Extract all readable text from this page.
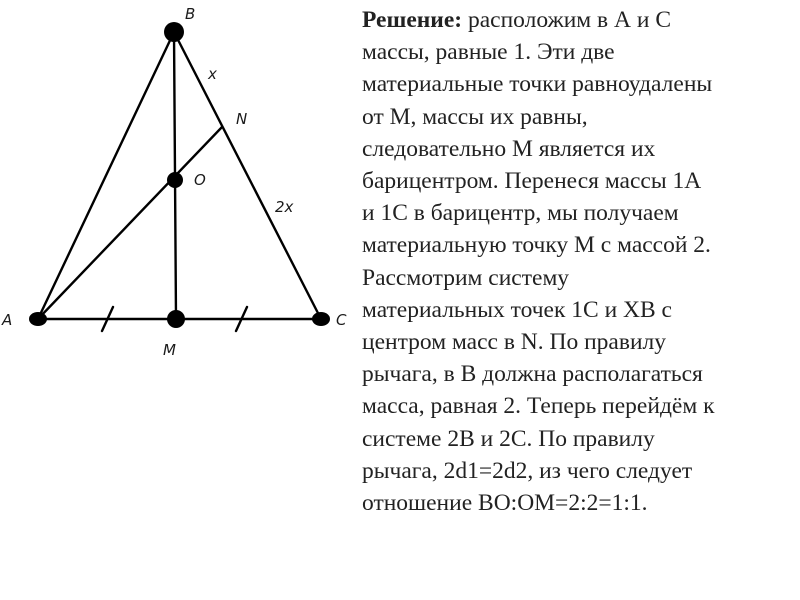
B
N
O
A
M
C
x
2x
Решение: расположим в А и С
массы, равные 1. Эти две
материальные точки равноудалены
от М, массы их равны,
следовательно М является их
барицентром. Перенеся массы 1А
и 1С в барицентр, мы получаем
материальную точку М с массой 2.
Рассмотрим систему
материальных точек 1С и ХВ с
центром масс в N. По правилу
рычага, в В должна располагаться
масса, равная 2. Теперь перейдём к
системе 2В и 2С. По правилу
рычага, 2d1=2d2, из чего следует
отношение ВО:ОМ=2:2=1:1.
